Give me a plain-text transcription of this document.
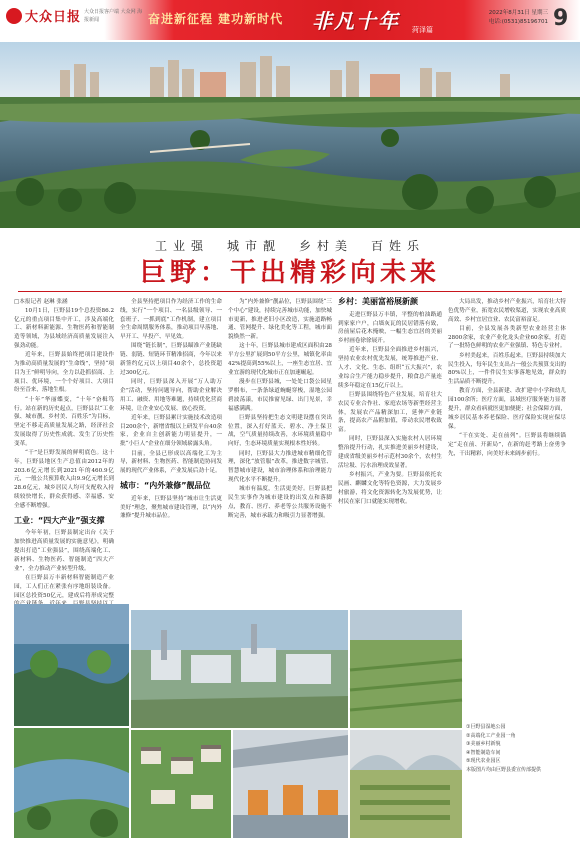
大众日报 大众日报客户端 大众网 海报新闻	奋进新征程 建功新时代 非凡十年 菏泽篇
2022年8月31日 星期三
电话:(0531)85196701 9
工业强　城市靓　乡村美　百姓乐
巨野：干出精彩向未来
□本报记者 赵琳 张涵

10月1日，巨野县19个总投资86.2亿元的重点项目集中开工，涉及高端化工、新材料新能源、生物医药和智能制造等领域，为县域经济高质量发展注入强劲动能。

近年来，巨野县始终把项目建设作为推动高质量发展的“生命线”，坚持“项目为王”鲜明导向，全力以赴抓招商、上项目、优环境，一个个好项目、大项目纷至沓来，落地生根。

“十年”华丽蝶变，“十年”奋楫笃行。站在新的历史起点，巨野县以“工业强、城市靓、乡村美、百姓乐”为目标，坚定不移走高质量发展之路，经济社会发展取得了历史性成就、发生了历史性变革。

“干”是巨野发展的鲜明底色。这十年，巨野县地区生产总值由2012年的203.6亿元增长到2021年的460.9亿元，一般公共预算收入由9.9亿元增长到28.6亿元，城乡居民人均可支配收入持续较快增长，群众获得感、幸福感、安全感不断增强。

工业：“四大产业”强支撑

今年年初，巨野县制定出台《关于加快推进高质量发展的实施意见》，明确提出打造“工业强县”，围绕高端化工、新材料、生物医药、智能制造“四大产业”，全力推动产业转型升级。

在巨野县万丰新材料智能制造产业园，工人们正在紧张有序地组装设备。园区总投资50亿元，建成后将形成完整

全县坚持把项目作为经济工作的生命线，实行“一个项目、一名县级领导、一套班子、一抓到底”工作机制，建立项目全生命周期服务体系，推动项目早落地、早开工、早投产、早见效。

围绕“链长制”，巨野县瞄准产业链缺链、弱链、短链环节精准招商，今年以来新签约亿元以上项目40余个，总投资超过300亿元。

同时，巨野县深入开展“万人助万企”活动，坚持问题导向，帮助企业解决用工、融资、用地等难题，持续优化营商环境，让企业安心发展、放心投资。

近年来，巨野县累计实施技术改造项目200余个，新增省级以上研发平台40余家，企业自主创新能力明显提升，一批“小巨人”企业在细分领域崭露头角。

目前，全县已形成以高端化工为主导，新材料、生物医药、智能制造协同发展的现代产业体系，产业发展后劲十足。

城市：“内外兼修”靓品位

近年来，巨野县坚持“城市让生活更美好”理念，聚焦城市建设管理，以“内外兼修”提升城市品位。

为“内外兼修”靓品位，巨野县围绕“三个中心”建设，持续完善城市功能，加快城市更新，推进老旧小区改造，实施道路畅通、管网提升、绿化美化等工程，城市面貌焕然一新。

这十年，巨野县城市建成区面积由28平方公里扩展到50平方公里，城镇化率由42%提高到55%以上，一座生态宜居、宜业宜游的现代化城市正在加速崛起。

漫步在巨野县城，一处处口袋公园星罗棋布，一条条绿道蜿蜒穿梭，湿地公园碧波荡漾，市民推窗见绿、出门见景，幸福感满满。

巨野县坚持把生态文明建设摆在突出位置，深入打好蓝天、碧水、净土保卫战，空气质量持续改善，水环境质量稳中向好，生态环境质量实现根本性好转。

同时，巨野县大力推进城市精细化管理，深化“放管服”改革，推进数字城管、智慧城市建设，城市治理体系和治理能力现代化水平不断提升。

城市有温度，生活更美好。巨野县把民生实事作为城市建设的出发点和落脚点，教育、医疗、养老等公共服务设施不断完善，城市承载力和吸引力显著增强。

乡村：美丽富裕展新颜

走进巨野县万丰镇，平整的柏油路通到家家户户，白墙灰瓦的民居错落有致，房前屋后花木掩映，一幅生态宜居的美丽乡村画卷徐徐展开。

近年来，巨野县全面推进乡村振兴，坚持农业农村优先发展，统筹推进产业、人才、文化、生态、组织“五大振兴”，农业综合生产能力稳步提升，粮食总产量连续多年稳定在15亿斤以上。

巨野县围绕特色产业发展，培育壮大农民专业合作社、家庭农场等新型经营主体，发展农产品精深加工，延伸产业链条，提高农产品附加值，带动农民增收致富。

同时，巨野县深入实施农村人居环境整治提升行动，扎实推进美丽乡村建设，建成省级美丽乡村示范村30余个，农村生活垃圾、污水治理成效显著。

乡村振兴，产业为要。巨野县依托农民画、麒麟文化等特色资源，大力发展乡村旅游，将文化资源转化为发展优势，让村民在家门口就能实现增收。

大局出发，推动乡村产业振兴，培育壮大特色优势产业，拓宽农民增收渠道，实现农业高质高效、乡村宜居宜业、农民富裕富足。

目前，全县发展各类新型农业经营主体2800余家，农业产业化龙头企业60余家，打造了一批特色鲜明的农业产业强镇、特色专业村。

乡村美起来，百姓乐起来。巨野县持续加大民生投入，每年民生支出占一般公共预算支出的80%以上，一件件民生实事落地见效，群众的生活品质不断提升。

教育方面，全县新建、改扩建中小学和幼儿园100余所；医疗方面，县域医疗服务能力显著提升，群众看病就医更加便捷；社会保障方面，城乡居民基本养老保险、医疗保险实现应保尽保。

“干在实处、走在前列”。巨野县将继续锚定“走在前、开新局”，在新的赶考路上奋勇争先，干出精彩，向美好未来阔步前行。

①巨野县湿地公园
②高端化工产业园一角
③美丽乡村新貌
④智能制造车间
⑤现代农业园区
本版图片均由巨野县委宣传部提供
